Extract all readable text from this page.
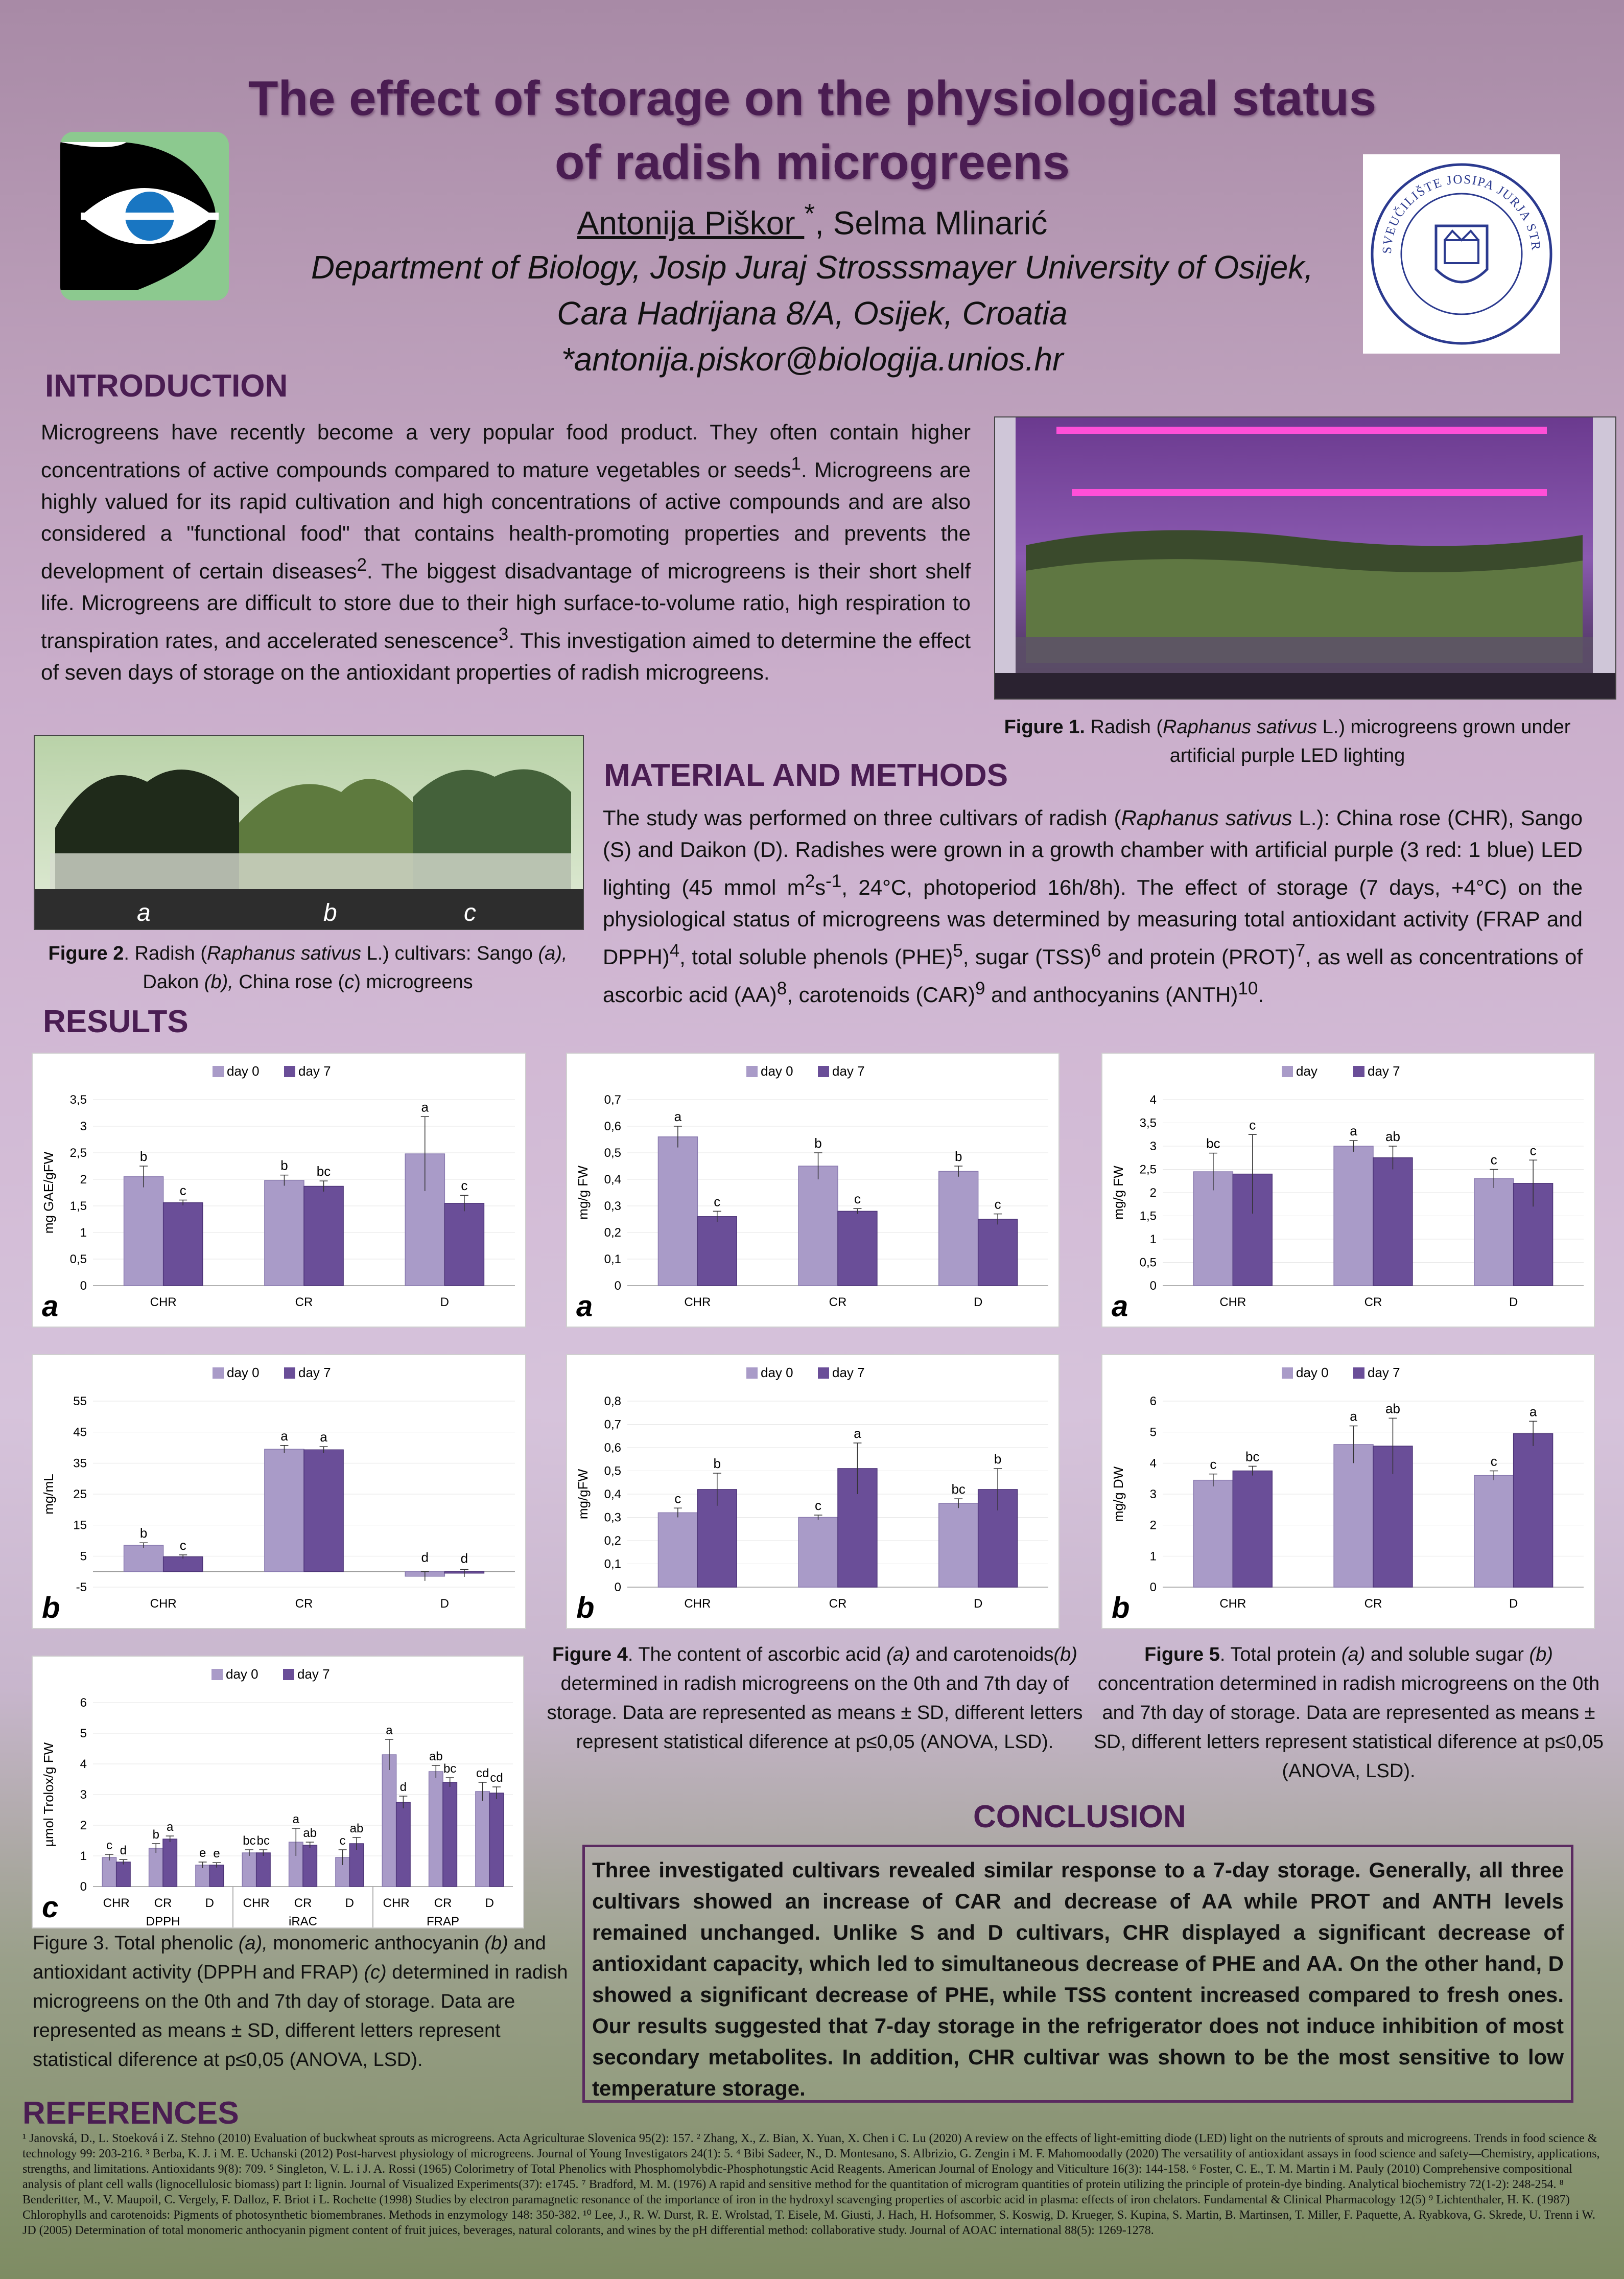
The effect of storage on the physiological status
of radish microgreens
Antonija Piškor *, Selma Mlinarić
Department of Biology, Josip Juraj Strosssmayer University of Osijek,
Cara Hadrijana 8/A, Osijek, Croatia
*antonija.piskor@biologija.unios.hr
SVEUČILIŠTE JOSIPA JURJA STR
INTRODUCTION
Microgreens have recently become a very popular food product. They often contain higher concentrations of active compounds compared to mature vegetables or seeds$^1$. Microgreens are highly valued for its rapid cultivation and high concentrations of active compounds and are also considered a "functional food" that contains health-promoting properties and prevents the development of certain diseases$^2$. The biggest disadvantage of microgreens is their short shelf life. Microgreens are difficult to store due to their high surface-to-volume ratio, high respiration to transpiration rates, and accelerated senescence$^3$. This investigation aimed to determine the effect of seven days of storage on the antioxidant properties of radish microgreens.
Figure 1. Radish (Raphanus sativus L.) microgreens grown under artificial purple LED lighting
a	b	c
Figure 2. Radish (Raphanus sativus L.) cultivars: Sango (a), Dakon (b), China rose (c) microgreens
MATERIAL AND METHODS
The study was performed on three cultivars of radish (Raphanus sativus L.): China rose (CHR), Sango (S) and Daikon (D). Radishes were grown in a growth chamber with artificial purple (3 red: 1 blue) LED lighting (45 mmol $m^2s^{-1}$, 24°C, photoperiod 16h/8h). The effect of storage (7 days, +4°C) on the physiological status of microgreens was determined by measuring total antioxidant activity (FRAP and DPPH)$^4$, total soluble phenols (PHE)$^5$, sugar (TSS)$^6$ and protein (PROT)$^7$, as well as concentrations of ascorbic acid (AA)$^8$, carotenoids (CAR)$^9$ and anthocyanins (ANTH)$^{10}$.
RESULTS
day 0	day 7
0
0,5
1
1,5
2
2,5
3
3,5
mg GAE/gFW	b
c
CHR
b bc
CR
a
c
D
a
day 0	day 7
0
0,1
0,2
0,3
0,4
0,5
0,6
0,7
mg/g FW
a
c
CHR
b
c
CR
b
c
D
a
day	day 7
0
0,5
1
1,5
2
2,5
3
3,5
4
mg/g FW
bc
c
CHR
a ab
CR
c
c
D
a
day 0	day 7
-5
5
15
25
35
45
55
mg/mL
b
c
CHR
a a
CR
d d
D
b
day 0	day 7
0
0,1
0,2
0,3
0,4
0,5
0,6
0,7
0,8
mg/gFW	c
b
CHR
c
a
CR
bc
b
D
b
day 0	day 7
0
1
2
3
4
5
6
mg/g DW
c
bc
CHR
a
ab
CR
c
a
D
b
day 0	day 7
0
1
2
3
4
5
6
µmol Trolox/g FW	c d
CHR
b
a
CR
e e
D
bc bc
CHR
a
ab
CR
c
ab
D
a
d
CHR
ab
bc
CR
cd cd
D
DPPH	iRAC	FRAP
c
Figure 4. The content of ascorbic acid (a) and carotenoids(b) determined in radish microgreens on the 0th and 7th day of storage. Data are represented as means ± SD, different letters represent statistical diference at p≤0,05 (ANOVA, LSD).
Figure 5. Total protein (a) and soluble sugar (b) concentration determined in radish microgreens on the 0th and 7th day of storage. Data are represented as means ± SD, different letters represent statistical diference at p≤0,05 (ANOVA, LSD).
Figure 3. Total phenolic (a), monomeric anthocyanin (b) and antioxidant activity (DPPH and FRAP) (c) determined in radish microgreens on the 0th and 7th day of storage. Data are represented as means ± SD, different letters represent statistical diference at p≤0,05 (ANOVA, LSD).
CONCLUSION

Three investigated cultivars revealed similar response to a 7-day storage. Generally, all three cultivars showed an increase of CAR and decrease of AA while PROT and ANTH levels remained unchanged. Unlike S and D cultivars, CHR displayed a significant decrease of antioxidant capacity, which led to simultaneous decrease of PHE and AA. On the other hand, D showed a significant decrease of PHE, while TSS content increased compared to fresh ones. Our results suggested that 7-day storage in the refrigerator does not induce inhibition of most secondary metabolites. In addition, CHR cultivar was shown to be the most sensitive to low temperature storage.

REFERENCES
¹ Janovská, D., L. Stoeková i Z. Stehno (2010) Evaluation of buckwheat sprouts as microgreens. Acta Agriculturae Slovenica 95(2): 157. ² Zhang, X., Z. Bian, X. Yuan, X. Chen i C. Lu (2020) A review on the effects of light-emitting diode (LED) light on the nutrients of sprouts and microgreens. Trends in food science & technology 99: 203-216. ³ Berba, K. J. i M. E. Uchanski (2012) Post-harvest physiology of microgreens. Journal of Young Investigators 24(1): 5. ⁴ Bibi Sadeer, N., D. Montesano, S. Albrizio, G. Zengin i M. F. Mahomoodally (2020) The versatility of antioxidant assays in food science and safety—Chemistry, applications, strengths, and limitations. Antioxidants 9(8): 709. ⁵ Singleton, V. L. i J. A. Rossi (1965) Colorimetry of Total Phenolics with Phosphomolybdic-Phosphotungstic Acid Reagents. American Journal of Enology and Viticulture 16(3): 144-158. ⁶ Foster, C. E., T. M. Martin i M. Pauly (2010) Comprehensive compositional analysis of plant cell walls (lignocellulosic biomass) part I: lignin. Journal of Visualized Experiments(37): e1745. ⁷ Bradford, M. M. (1976) A rapid and sensitive method for the quantitation of microgram quantities of protein utilizing the principle of protein-dye binding. Analytical biochemistry 72(1-2): 248-254. ⁸ Benderitter, M., V. Maupoil, C. Vergely, F. Dalloz, F. Briot i L. Rochette (1998) Studies by electron paramagnetic resonance of the importance of iron in the hydroxyl scavenging properties of ascorbic acid in plasma: effects of iron chelators. Fundamental & Clinical Pharmacology 12(5) ⁹ Lichtenthaler, H. K. (1987) Chlorophylls and carotenoids: Pigments of photosynthetic biomembranes. Methods in enzymology 148: 350-382. ¹⁰ Lee, J., R. W. Durst, R. E. Wrolstad, T. Eisele, M. Giusti, J. Hach, H. Hofsommer, S. Koswig, D. Krueger, S. Kupina, S. Martin, B. Martinsen, T. Miller, F. Paquette, A. Ryabkova, G. Skrede, U. Trenn i W. JD (2005) Determination of total monomeric anthocyanin pigment content of fruit juices, beverages, natural colorants, and wines by the pH differential method: collaborative study. Journal of AOAC international 88(5): 1269-1278.
